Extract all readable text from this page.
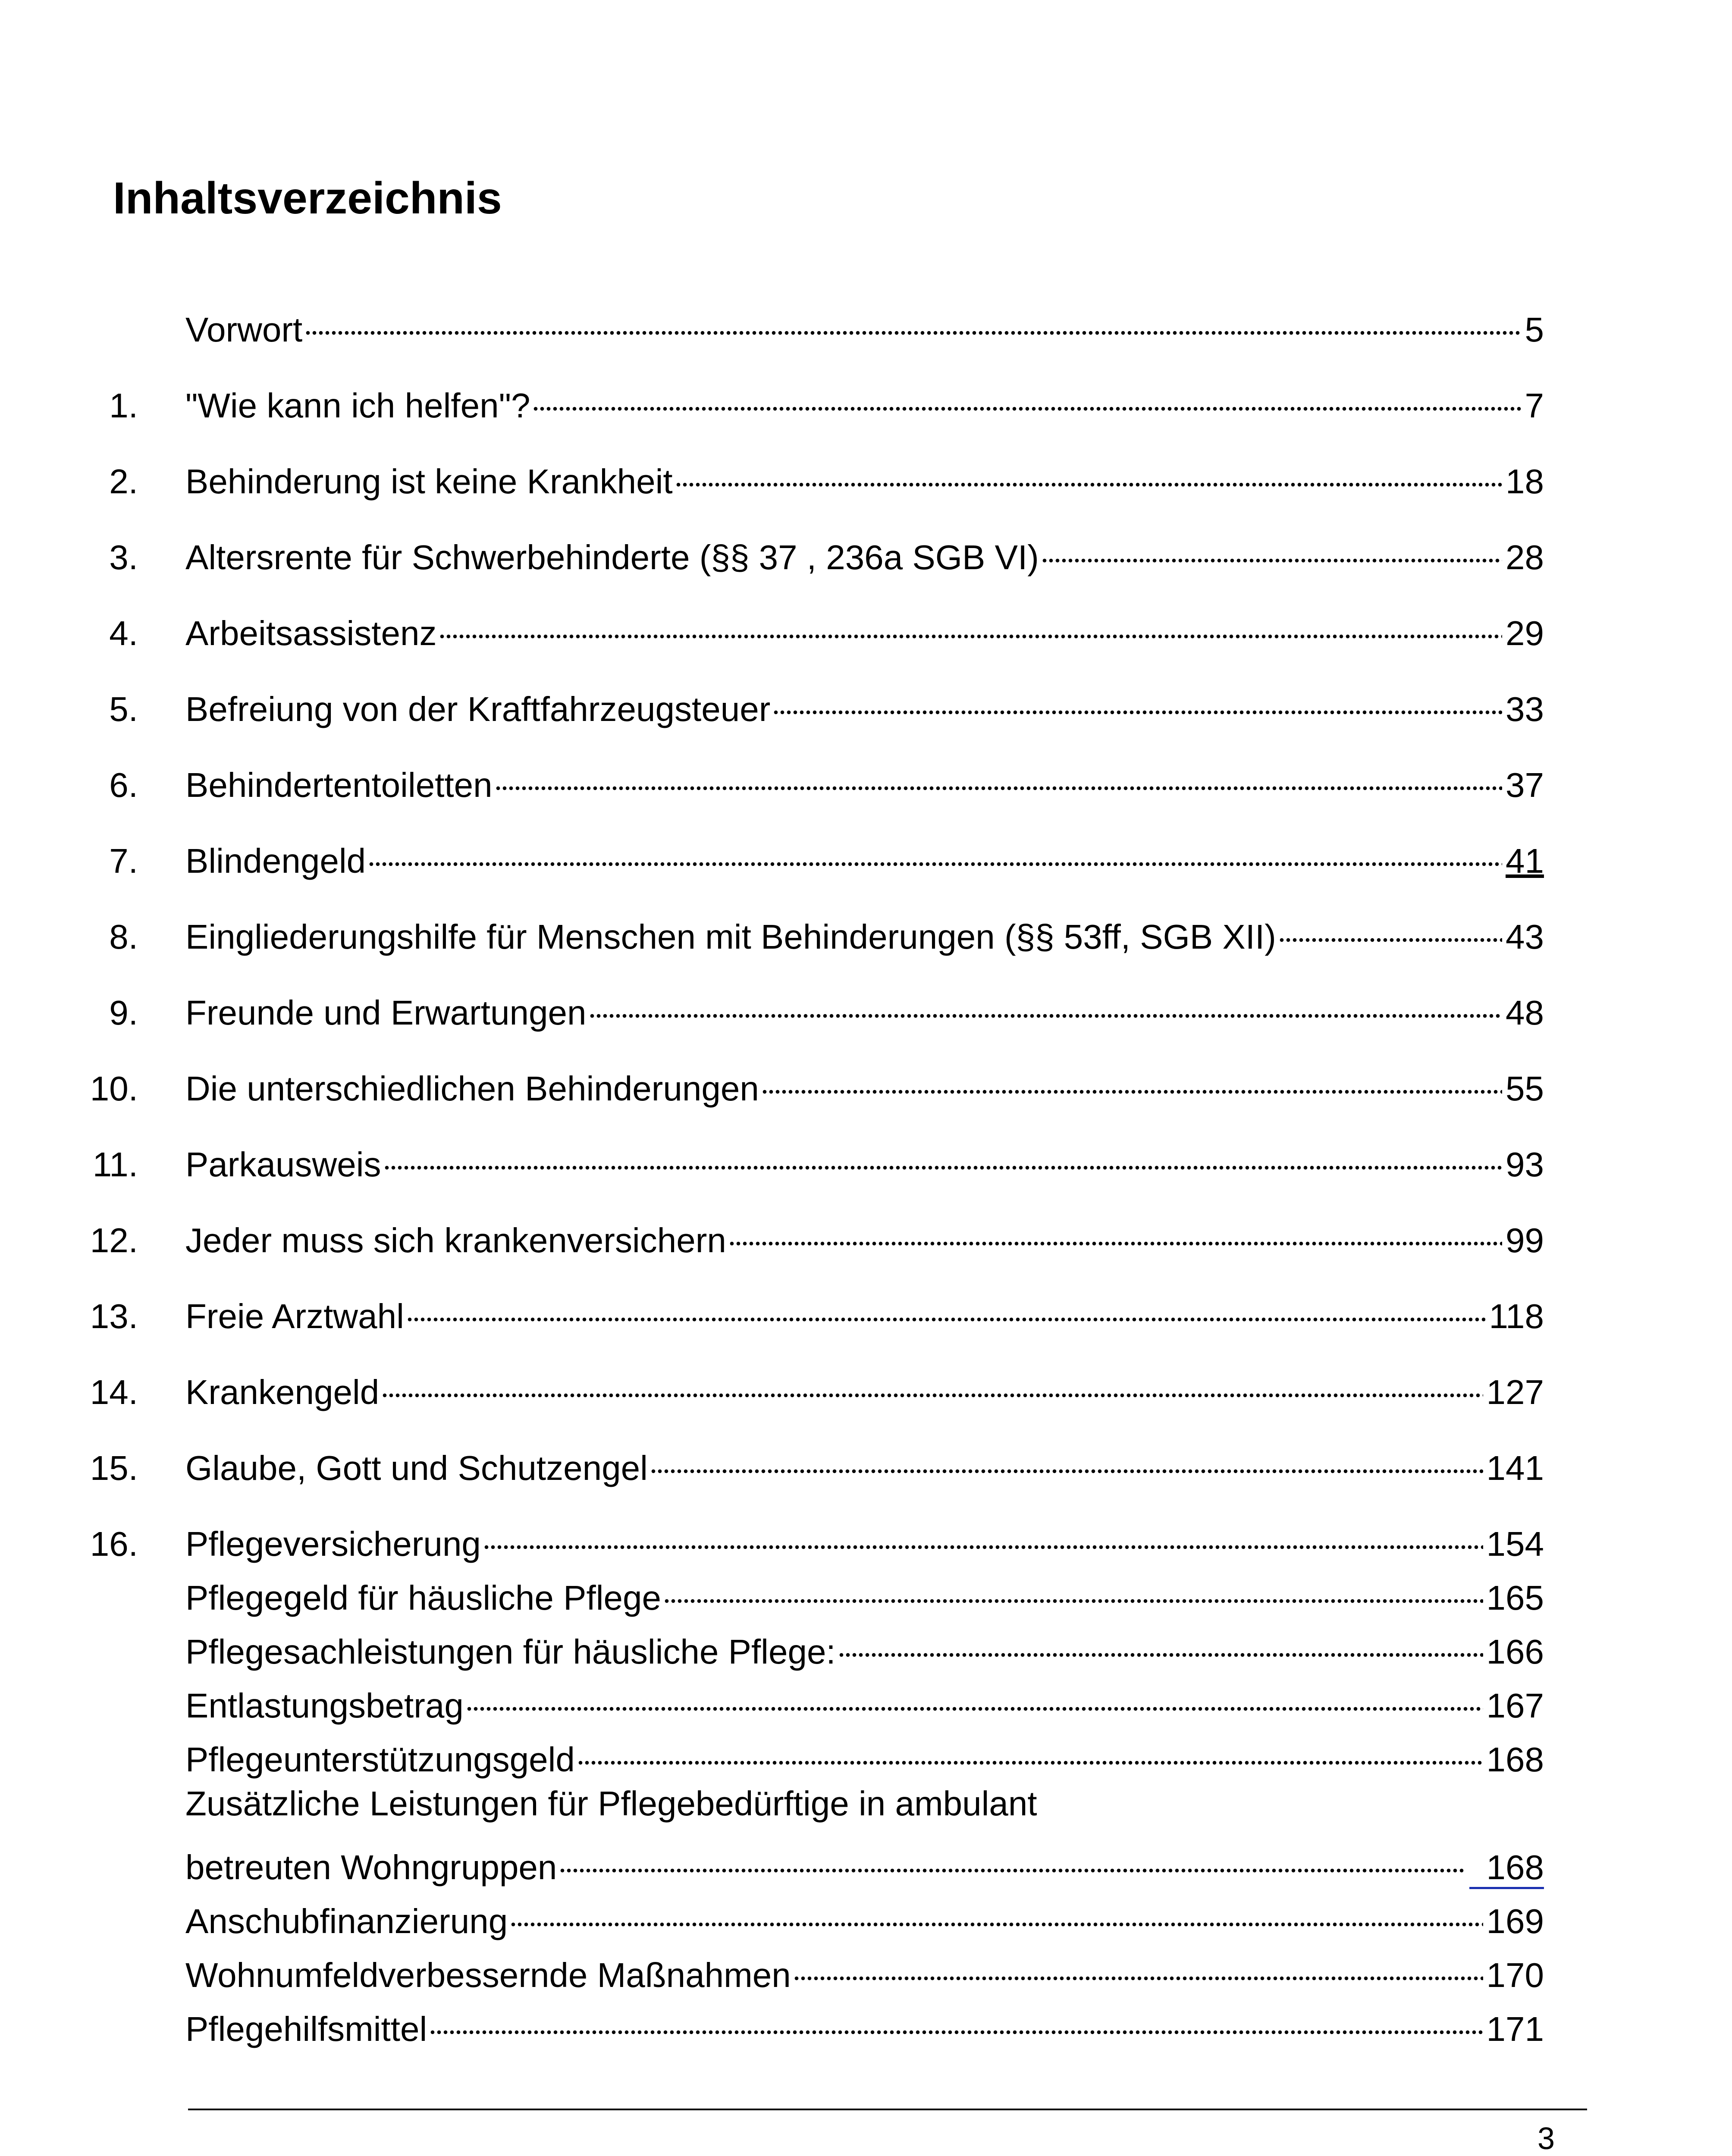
Inhaltsverzeichnis
Vorwort	5
1. "Wie kann ich helfen"?	7
2. Behinderung ist keine Krankheit	18
3. Altersrente für Schwerbehinderte (§§ 37 , 236a SGB VI)	28
4. Arbeitsassistenz	29
5. Befreiung von der Kraftfahrzeugsteuer	33
6. Behindertentoiletten	37
7. Blindengeld	41
8. Eingliederungshilfe für Menschen mit Behinderungen (§§ 53ff, SGB XII)	43
9. Freunde und Erwartungen	48
10. Die unterschiedlichen Behinderungen	55
11. Parkausweis	93
12. Jeder muss sich krankenversichern	99
13. Freie Arztwahl	118
14. Krankengeld	127
15. Glaube, Gott und Schutzengel	141
16. Pflegeversicherung	154
Pflegegeld für häusliche Pflege	165
Pflegesachleistungen für häusliche Pflege:	166
Entlastungsbetrag	167
Pflegeunterstützungsgeld	168
Zusätzliche Leistungen für Pflegebedürftige in ambulant
betreuten Wohngruppen	168
Anschubfinanzierung	169
Wohnumfeldverbessernde Maßnahmen	170
Pflegehilfsmittel	171
3
